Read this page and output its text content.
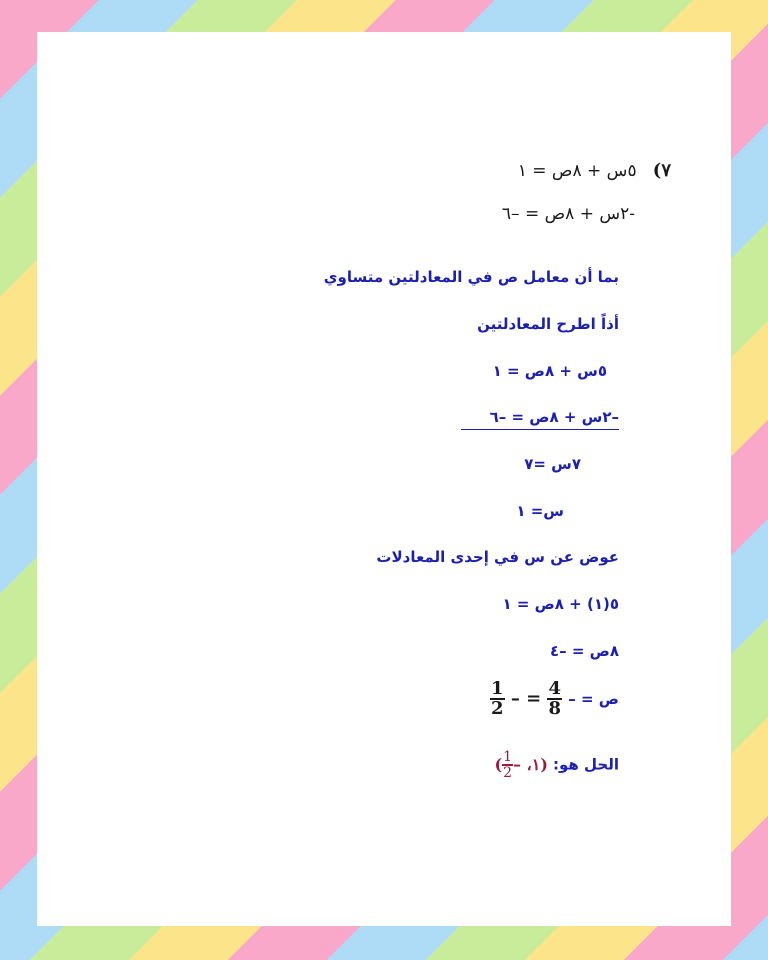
٧)   ٥س + ٨ص = ١
-٢س + ٨ص = –٦
بما أن معامل ص في المعادلتين متساوي
أذاً اطرح المعادلتين
٥س + ٨ص = ١
–٢س + ٨ص = –٦
٧س =٧
س= ١
عوض عن س في إحدى المعادلات
٥(١) + ٨ص = ١
٨ص = –٤
ص = –
$\frac{4}{8}$
= –
$\frac{1}{2}$
الحل هو: (١، –
$\frac{1}{2}$
)
